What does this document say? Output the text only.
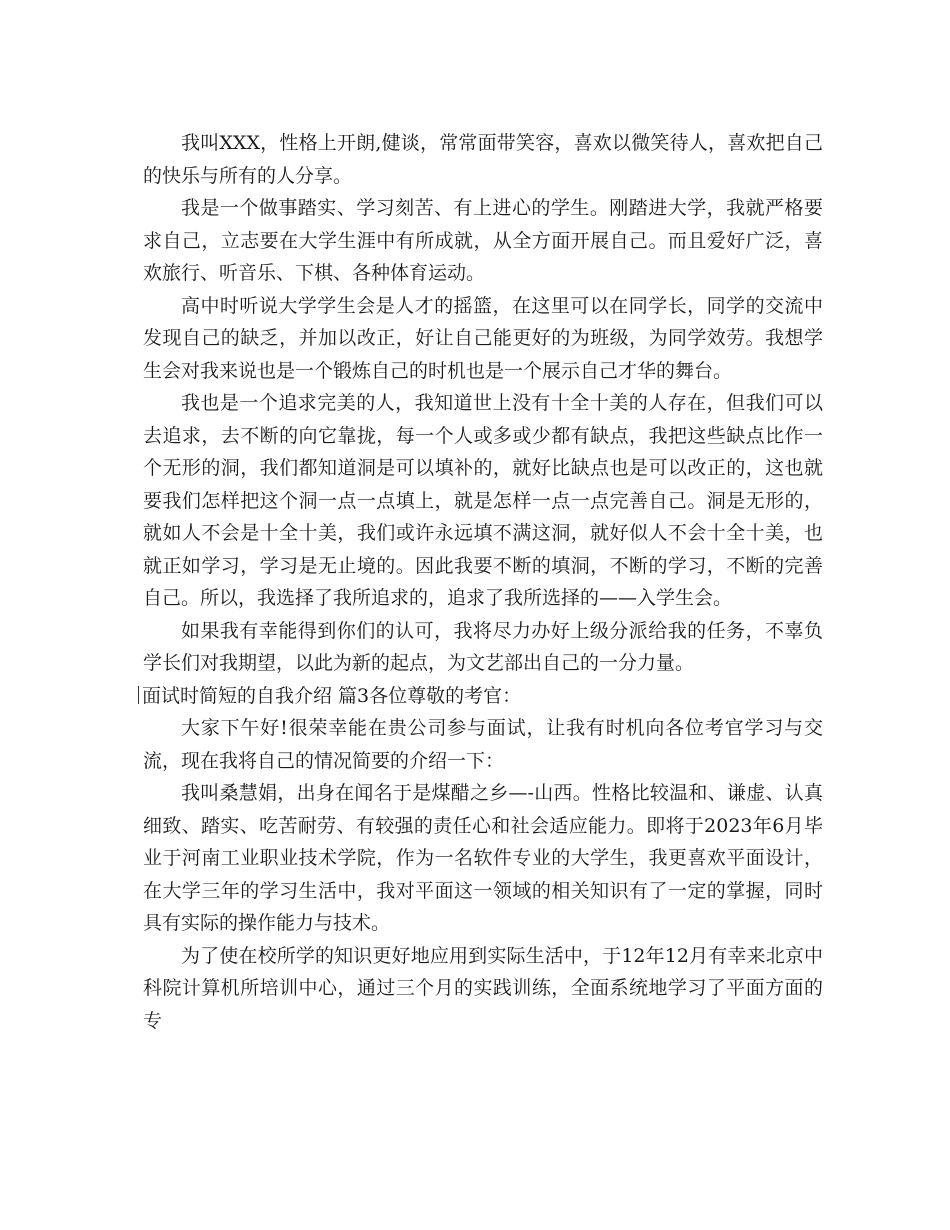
我叫XXX，性格上开朗,健谈，常常面带笑容，喜欢以微笑待人，喜欢把自己的快乐与所有的人分享。

我是一个做事踏实、学习刻苦、有上进心的学生。刚踏进大学，我就严格要求自己，立志要在大学生涯中有所成就，从全方面开展自己。而且爱好广泛，喜欢旅行、听音乐、下棋、各种体育运动。

高中时听说大学学生会是人才的摇篮，在这里可以在同学长，同学的交流中发现自己的缺乏，并加以改正，好让自己能更好的为班级，为同学效劳。我想学生会对我来说也是一个锻炼自己的时机也是一个展示自己才华的舞台。

我也是一个追求完美的人，我知道世上没有十全十美的人存在，但我们可以去追求，去不断的向它靠拢，每一个人或多或少都有缺点，我把这些缺点比作一个无形的洞，我们都知道洞是可以填补的，就好比缺点也是可以改正的，这也就要我们怎样把这个洞一点一点填上，就是怎样一点一点完善自己。洞是无形的，就如人不会是十全十美，我们或许永远填不满这洞，就好似人不会十全十美，也就正如学习，学习是无止境的。因此我要不断的填洞，不断的学习，不断的完善自己。所以，我选择了我所追求的，追求了我所选择的——入学生会。

如果我有幸能得到你们的认可，我将尽力办好上级分派给我的任务，不辜负学长们对我期望，以此为新的起点，为文艺部出自己的一分力量。

面试时简短的自我介绍 篇3各位尊敬的考官：

大家下午好!很荣幸能在贵公司参与面试，让我有时机向各位考官学习与交流，现在我将自己的情况简要的介绍一下：

我叫桑慧娟，出身在闻名于是煤醋之乡—-山西。性格比较温和、谦虚、认真细致、踏实、吃苦耐劳、有较强的责任心和社会适应能力。即将于2023年6月毕业于河南工业职业技术学院，作为一名软件专业的大学生，我更喜欢平面设计，在大学三年的学习生活中，我对平面这一领域的相关知识有了一定的掌握，同时具有实际的操作能力与技术。

为了使在校所学的知识更好地应用到实际生活中，于12年12月有幸来北京中科院计算机所培训中心，通过三个月的实践训练，全面系统地学习了平面方面的专
